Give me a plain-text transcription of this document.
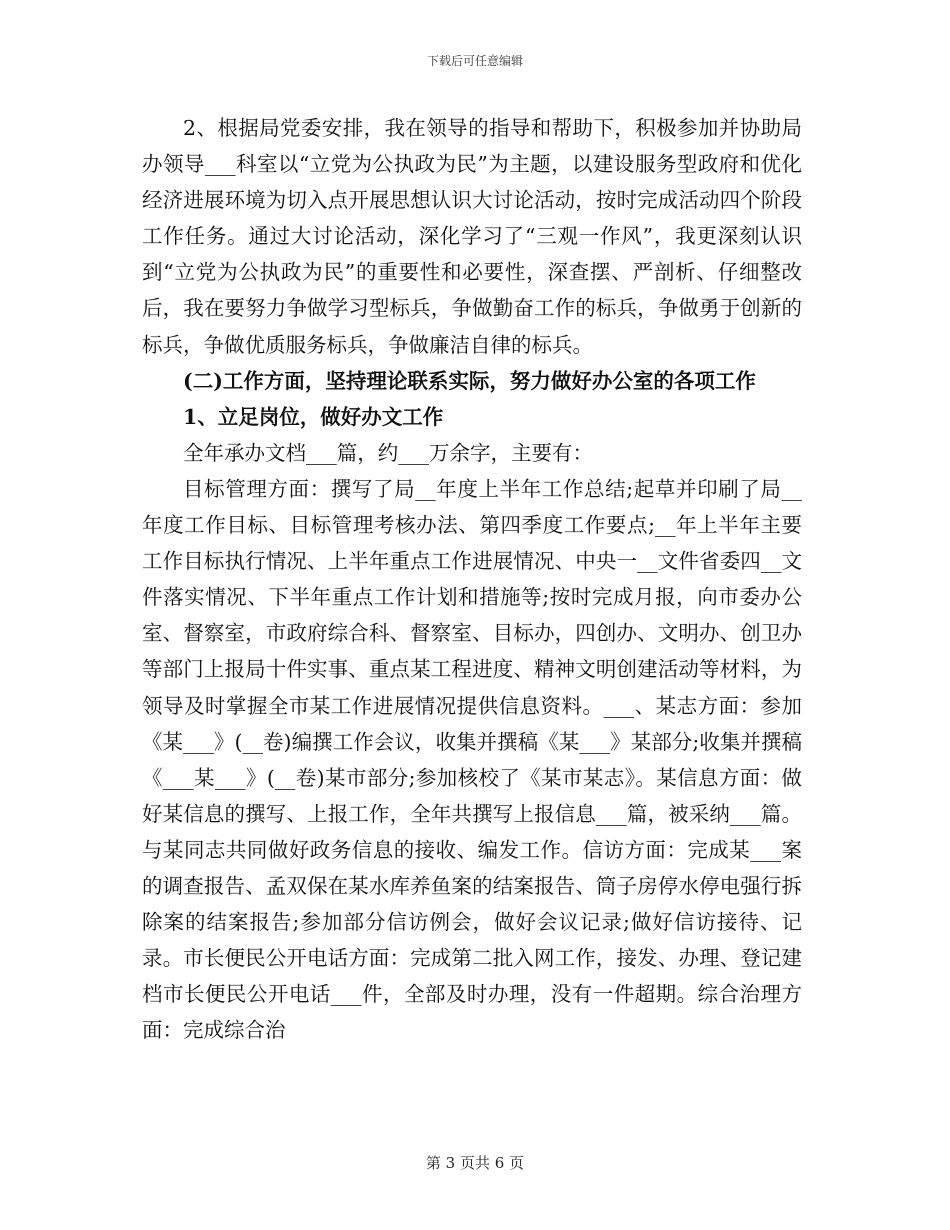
下载后可任意编辑

2、根据局党委安排，我在领导的指导和帮助下，积极参加并协助局办领导___科室以“立党为公执政为民”为主题，以建设服务型政府和优化经济进展环境为切入点开展思想认识大讨论活动，按时完成活动四个阶段工作任务。通过大讨论活动，深化学习了“三观一作风”，我更深刻认识到“立党为公执政为民”的重要性和必要性，深查摆、严剖析、仔细整改后，我在要努力争做学习型标兵，争做勤奋工作的标兵，争做勇于创新的标兵，争做优质服务标兵，争做廉洁自律的标兵。

(二)工作方面，坚持理论联系实际，努力做好办公室的各项工作

1、立足岗位，做好办文工作

全年承办文档___篇，约___万余字，主要有：

目标管理方面：撰写了局__年度上半年工作总结;起草并印刷了局__年度工作目标、目标管理考核办法、第四季度工作要点;__年上半年主要工作目标执行情况、上半年重点工作进展情况、中央一__文件省委四__文件落实情况、下半年重点工作计划和措施等;按时完成月报，向市委办公室、督察室，市政府综合科、督察室、目标办，四创办、文明办、创卫办等部门上报局十件实事、重点某工程进度、精神文明创建活动等材料，为领导及时掌握全市某工作进展情况提供信息资料。___、某志方面：参加《某___》(__卷)编撰工作会议，收集并撰稿《某___》某部分;收集并撰稿《___某___》(__卷)某市部分;参加核校了《某市某志》。某信息方面：做好某信息的撰写、上报工作，全年共撰写上报信息___篇，被采纳___篇。与某同志共同做好政务信息的接收、编发工作。信访方面：完成某___案的调查报告、孟双保在某水库养鱼案的结案报告、筒子房停水停电强行拆除案的结案报告;参加部分信访例会，做好会议记录;做好信访接待、记录。市长便民公开电话方面：完成第二批入网工作，接发、办理、登记建档市长便民公开电话___件，全部及时办理，没有一件超期。综合治理方面：完成综合治

第 3 页共 6 页
